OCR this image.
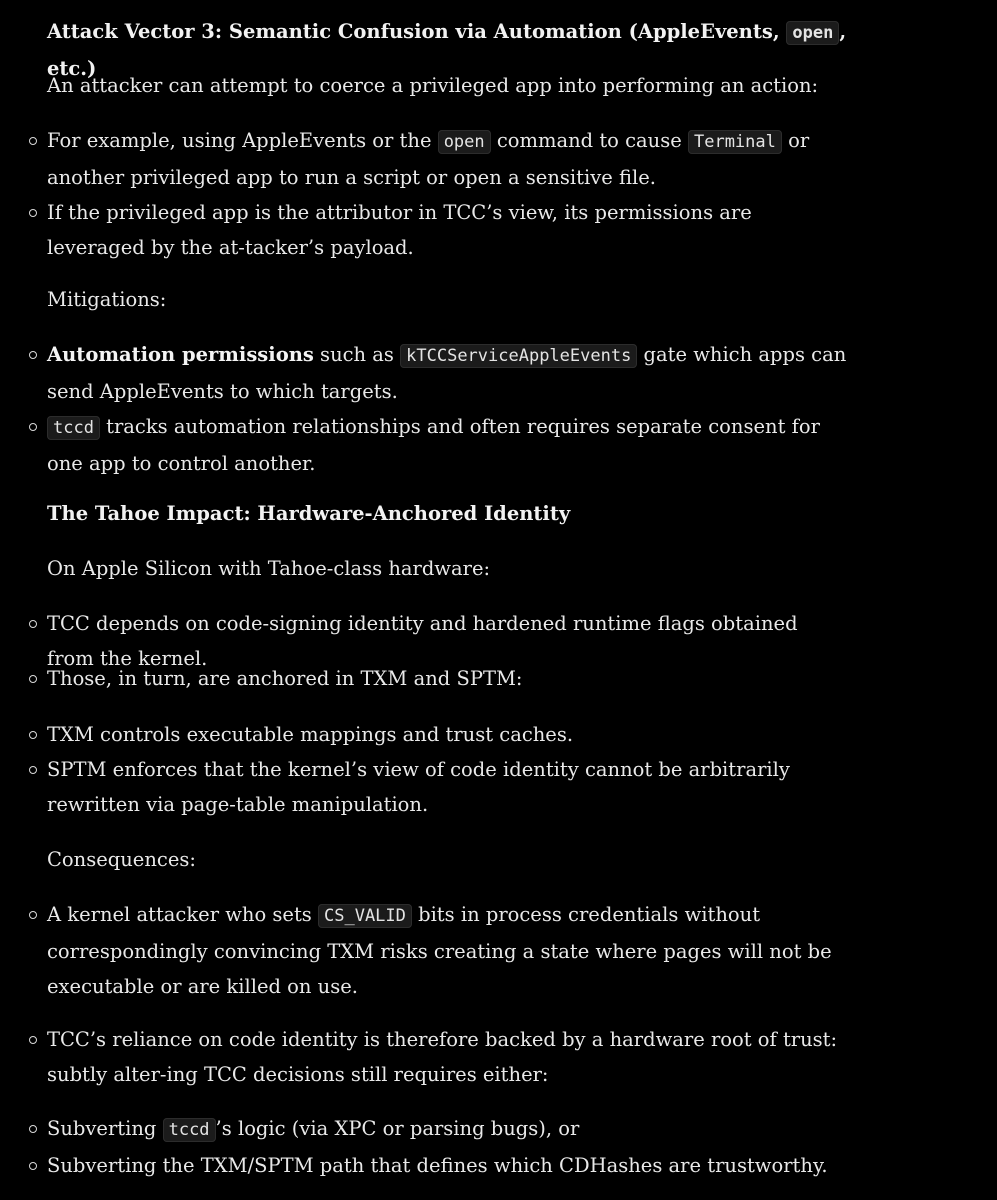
Attack Vector 3: Semantic Confusion via Automation (AppleEvents, open , etc.)

An attacker can attempt to coerce a privileged app into performing an action:

For example, using AppleEvents or the open command to cause Terminal or another privileged app to run a script or open a sensitive file.
If the privileged app is the attributor in TCC’s view, its permissions are leveraged by the at-tacker’s payload.

Mitigations:

Automation permissions such as kTCCServiceAppleEvents gate which apps can send AppleEvents to which targets.
tccd tracks automation relationships and often requires separate consent for one app to control another.

The Tahoe Impact: Hardware-Anchored Identity

On Apple Silicon with Tahoe-class hardware:

TCC depends on code-signing identity and hardened runtime flags obtained from the kernel.
Those, in turn, are anchored in TXM and SPTM:
TXM controls executable mappings and trust caches.
SPTM enforces that the kernel’s view of code identity cannot be arbitrarily rewritten via page-table manipulation.

Consequences:

A kernel attacker who sets CS_VALID bits in process credentials without correspondingly convincing TXM risks creating a state where pages will not be executable or are killed on use.
TCC’s reliance on code identity is therefore backed by a hardware root of trust: subtly alter-ing TCC decisions still requires either:
Subverting tccd ’s logic (via XPC or parsing bugs), or
Subverting the TXM/SPTM path that defines which CDHashes are trustworthy.
